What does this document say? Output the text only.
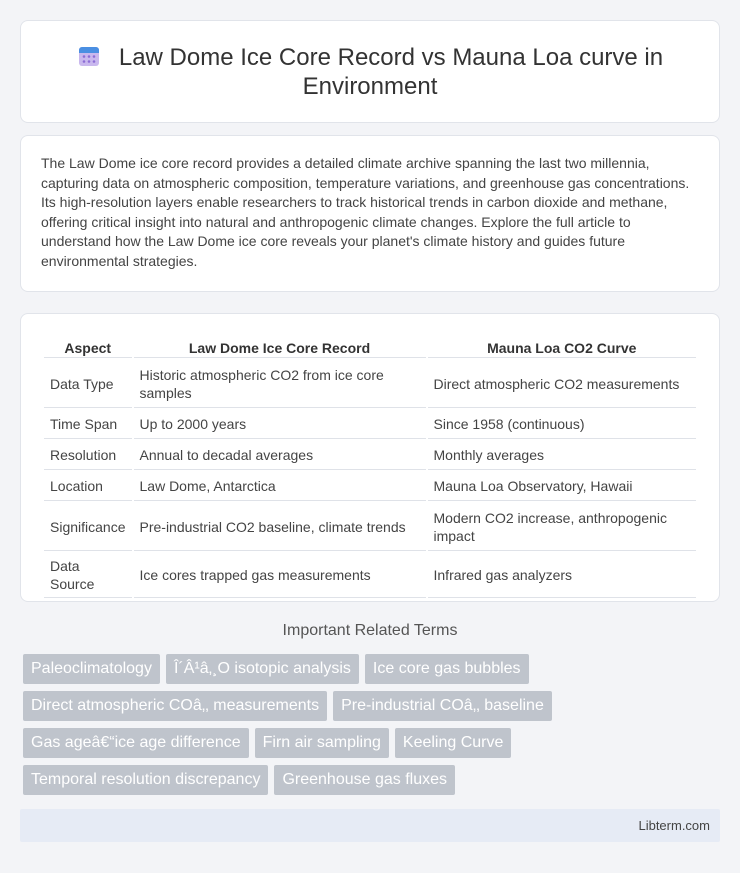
Law Dome Ice Core Record vs Mauna Loa curve in Environment

The Law Dome ice core record provides a detailed climate archive spanning the last two millennia, capturing data on atmospheric composition, temperature variations, and greenhouse gas concentrations. Its high-resolution layers enable researchers to track historical trends in carbon dioxide and methane, offering critical insight into natural and anthropogenic climate changes. Explore the full article to understand how the Law Dome ice core reveals your planet's climate history and guides future environmental strategies.

Aspect	Law Dome Ice Core Record	Mauna Loa CO2 Curve
Data Type	Historic atmospheric CO2 from ice core samples	Direct atmospheric CO2 measurements
Time Span	Up to 2000 years	Since 1958 (continuous)
Resolution	Annual to decadal averages	Monthly averages
Location	Law Dome, Antarctica	Mauna Loa Observatory, Hawaii
Significance	Pre-industrial CO2 baseline, climate trends	Modern CO2 increase, anthropogenic impact
Data Source	Ice cores trapped gas measurements	Infrared gas analyzers
Important Related Terms
Paleoclimatology	Î´Â¹â‚¸O isotopic analysis	Ice core gas bubbles
Direct atmospheric COâ‚‚ measurements	Pre-industrial COâ‚‚ baseline
Gas ageâ€“ice age difference	Firn air sampling	Keeling Curve
Temporal resolution discrepancy	Greenhouse gas fluxes
Libterm.com
